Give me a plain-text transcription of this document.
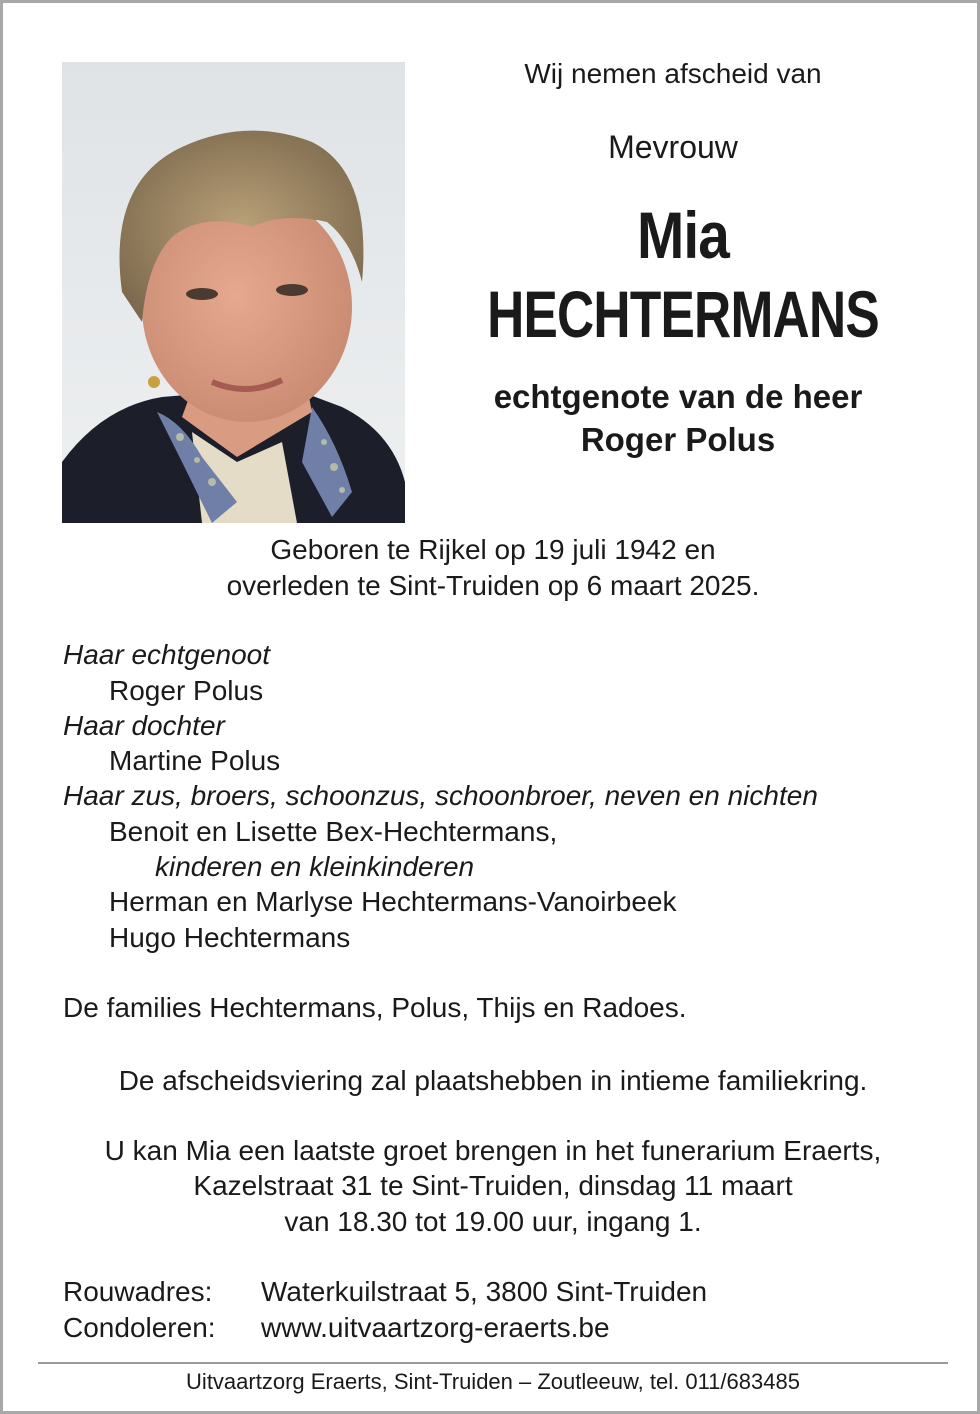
Wij nemen afscheid van
Mevrouw
Mia
HECHTERMANS
echtgenote van de heer
Roger Polus
Geboren te Rijkel op 19 juli 1942 en
overleden te Sint-Truiden op 6 maart 2025.
Haar echtgenoot
Roger Polus
Haar dochter
Martine Polus
Haar zus, broers, schoonzus, schoonbroer, neven en nichten
Benoit en Lisette Bex-Hechtermans,
kinderen en kleinkinderen
Herman en Marlyse Hechtermans-Vanoirbeek
Hugo Hechtermans
De families Hechtermans, Polus, Thijs en Radoes.
De afscheidsviering zal plaatshebben in intieme familiekring.
U kan Mia een laatste groet brengen in het funerarium Eraerts,
Kazelstraat 31 te Sint-Truiden, dinsdag 11 maart
van 18.30 tot 19.00 uur, ingang 1.
Rouwadres: Waterkuilstraat 5, 3800 Sint-Truiden
Condoleren: www.uitvaartzorg-eraerts.be
Uitvaartzorg Eraerts, Sint-Truiden – Zoutleeuw, tel. 011/683485
